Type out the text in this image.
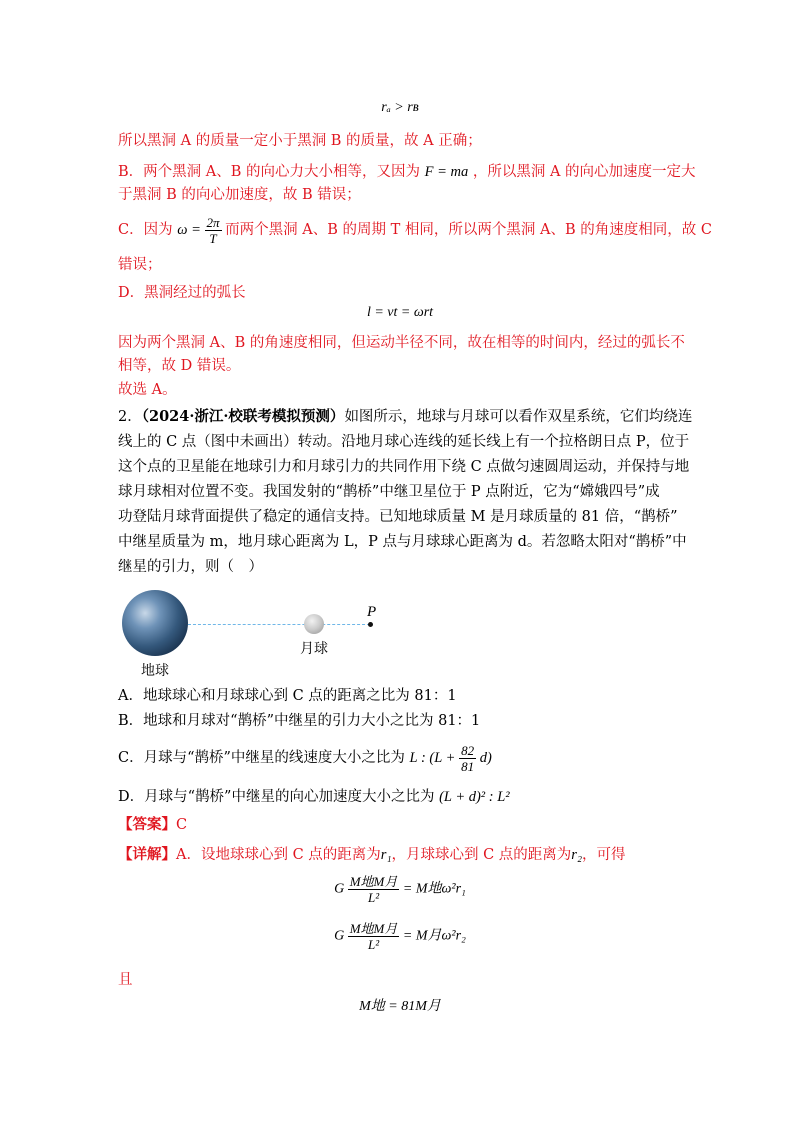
rₐ > rʙ
所以黑洞 A 的质量一定小于黑洞 B 的质量，故 A 正确；
B．两个黑洞 A、B 的向心力大小相等，又因为 F = ma ，所以黑洞 A 的向心加速度一定大
于黑洞 B 的向心加速度，故 B 错误；
C．因为 $\omega = \frac{2\pi}{T}$ 而两个黑洞 A、B 的周期 T 相同，所以两个黑洞 A、B 的角速度相同，故 C
错误；
D．黑洞经过的弧长
l = vt = ωrt
因为两个黑洞 A、B 的角速度相同，但运动半径不同，故在相等的时间内，经过的弧长不
相等，故 D 错误。
故选 A。
2．（2024·浙江·校联考模拟预测）如图所示，地球与月球可以看作双星系统，它们均绕连
线上的 C 点（图中未画出）转动。沿地月球心连线的延长线上有一个拉格朗日点 P，位于
这个点的卫星能在地球引力和月球引力的共同作用下绕 C 点做匀速圆周运动，并保持与地
球月球相对位置不变。我国发射的“鹊桥”中继卫星位于 P 点附近，它为“嫦娥四号”成
功登陆月球背面提供了稳定的通信支持。已知地球质量 M 是月球质量的 81 倍，“鹊桥”
中继星质量为 m，地月球心距离为 L，P 点与月球球心距离为 d。若忽略太阳对“鹊桥”中
继星的引力，则（　）
P
地球
月球
A．地球球心和月球球心到 C 点的距离之比为 81：1
B．地球和月球对“鹊桥”中继星的引力大小之比为 81：1
C．月球与“鹊桥”中继星的线速度大小之比为 L : $(L + \frac{82}{81} d)$
D．月球与“鹊桥”中继星的向心加速度大小之比为 (L + d)² : L²
【答案】C
【详解】A．设地球球心到 C 点的距离为r₁，月球球心到 C 点的距离为r₂，可得
G $\frac{\text{M地M月}}{\text{L²}} = M$地ω²r₁
G $\frac{\text{M地M月}}{\text{L²}} = M$月ω²r₂
且
M地 = 81M月
